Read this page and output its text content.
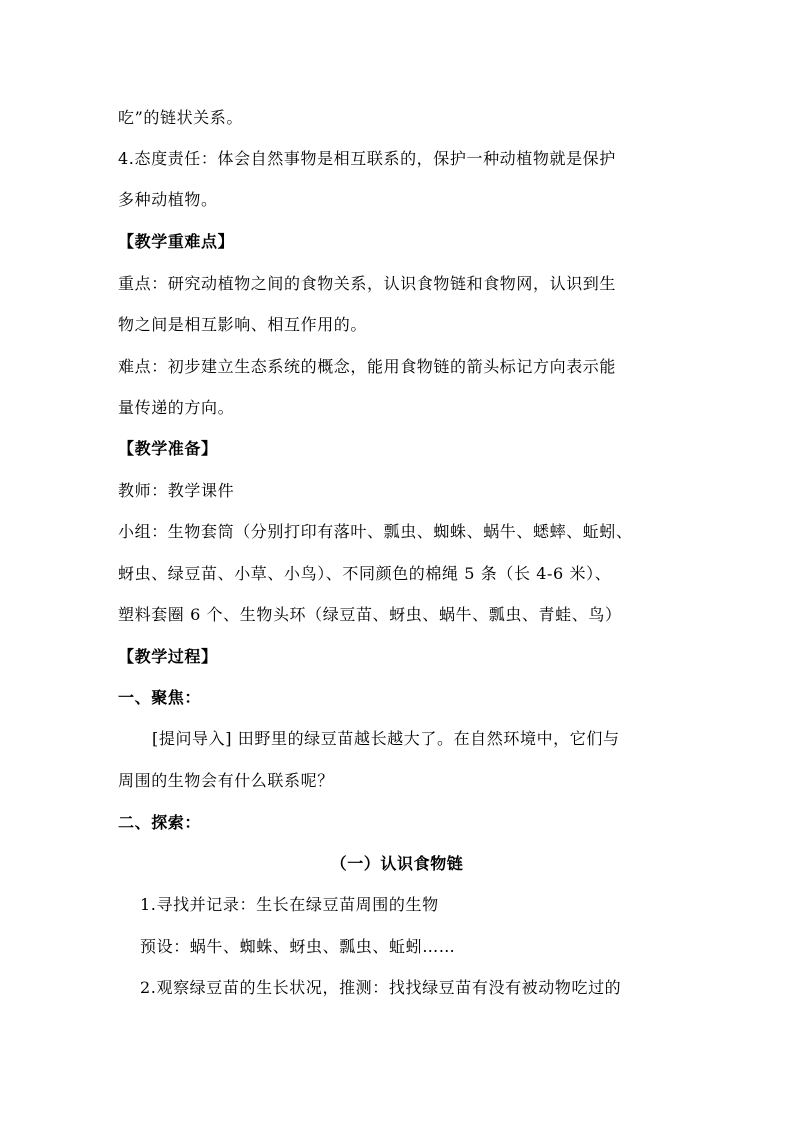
吃”的链状关系。
4.态度责任：体会自然事物是相互联系的，保护一种动植物就是保护
多种动植物。
【教学重难点】
重点：研究动植物之间的食物关系，认识食物链和食物网，认识到生
物之间是相互影响、相互作用的。
难点：初步建立生态系统的概念，能用食物链的箭头标记方向表示能
量传递的方向。
【教学准备】
教师：教学课件
小组：生物套筒（分别打印有落叶、瓢虫、蜘蛛、蜗牛、蟋蟀、蚯蚓、
蚜虫、绿豆苗、小草、小鸟）、不同颜色的棉绳 5 条（长 4-6 米）、
塑料套圈 6 个、生物头环（绿豆苗、蚜虫、蜗牛、瓢虫、青蛙、鸟）
【教学过程】
一、聚焦：
[提问导入] 田野里的绿豆苗越长越大了。在自然环境中，它们与
周围的生物会有什么联系呢？
二、探索：
（一）认识食物链
1.寻找并记录：生长在绿豆苗周围的生物
预设：蜗牛、蜘蛛、蚜虫、瓢虫、蚯蚓……
2.观察绿豆苗的生长状况，推测：找找绿豆苗有没有被动物吃过的
